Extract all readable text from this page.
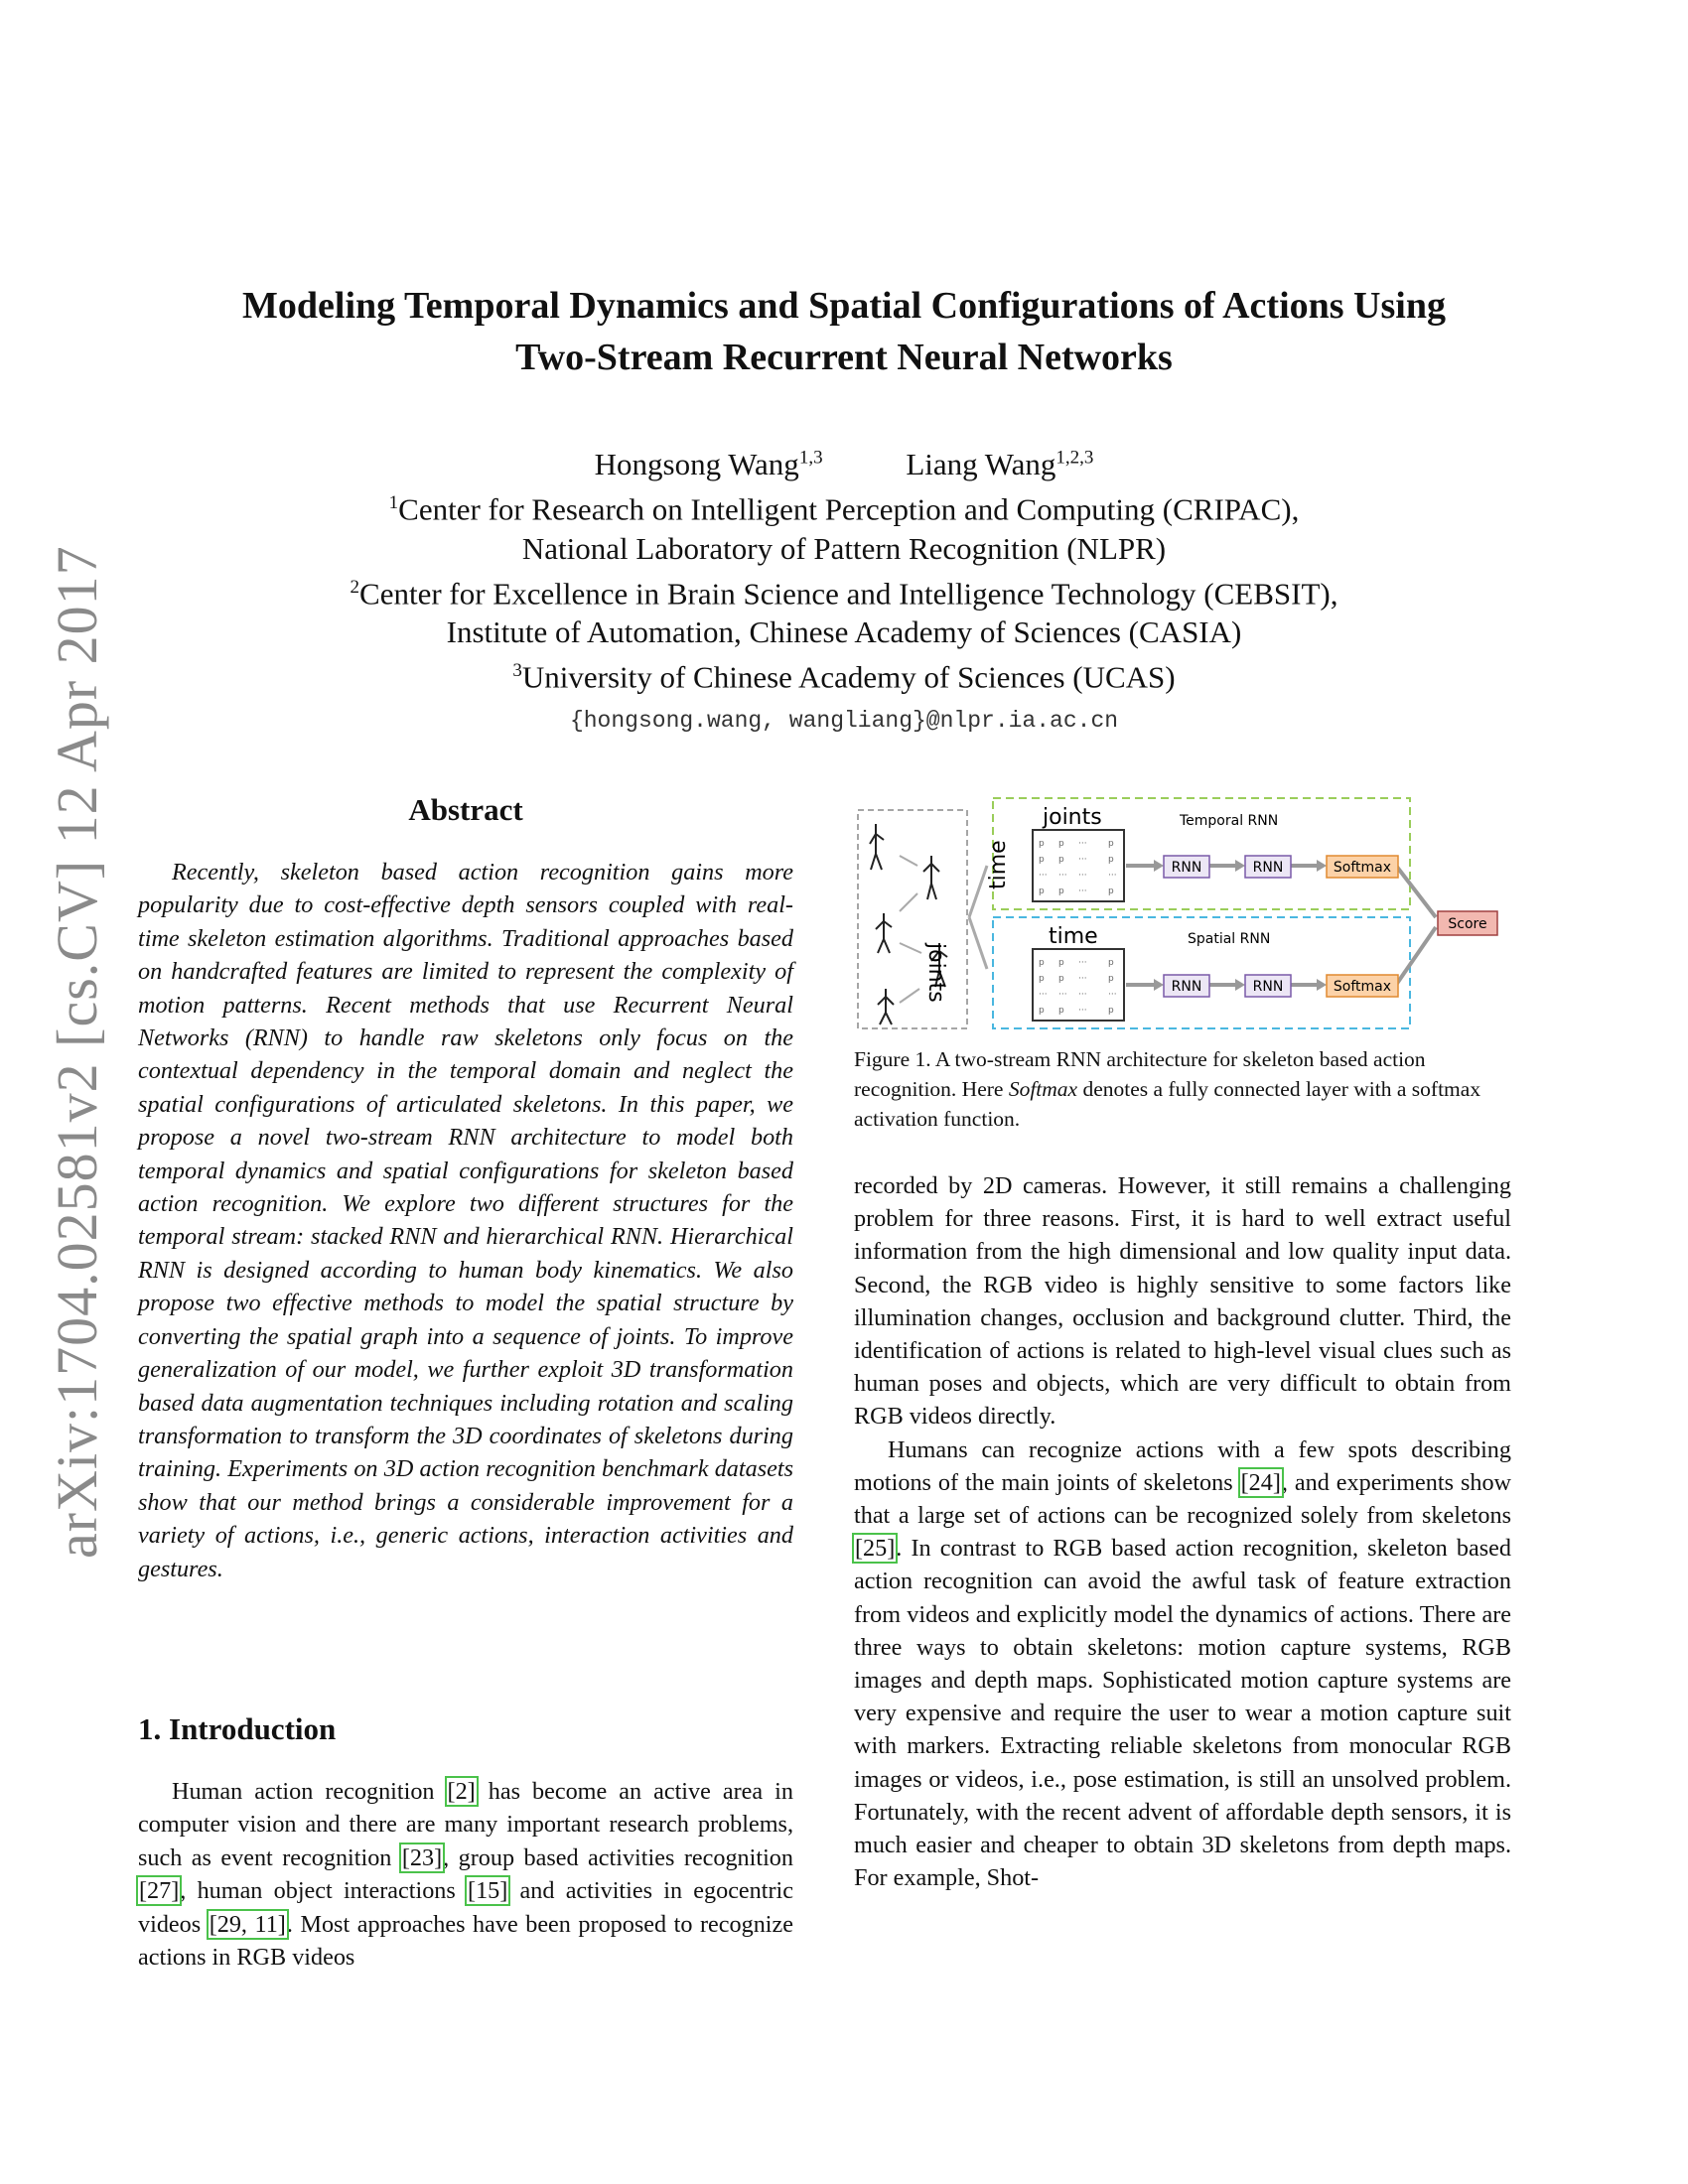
arXiv:1704.02581v2 [cs.CV] 12 Apr 2017
Modeling Temporal Dynamics and Spatial Configurations of Actions Using
Two-Stream Recurrent Neural Networks
Hongsong Wang$^{1,3}$	Liang Wang$^{1,2,3}$
$^1$Center for Research on Intelligent Perception and Computing (CRIPAC),
National Laboratory of Pattern Recognition (NLPR)
$^2$Center for Excellence in Brain Science and Intelligence Technology (CEBSIT),
Institute of Automation, Chinese Academy of Sciences (CASIA)
$^3$University of Chinese Academy of Sciences (UCAS)
{hongsong.wang, wangliang}@nlpr.ia.ac.cn
Abstract
Recently, skeleton based action recognition gains more popularity due to cost-effective depth sensors coupled with real-time skeleton estimation algorithms. Traditional approaches based on handcrafted features are limited to represent the complexity of motion patterns. Recent methods that use Recurrent Neural Networks (RNN) to handle raw skeletons only focus on the contextual dependency in the temporal domain and neglect the spatial configurations of articulated skeletons. In this paper, we propose a novel two-stream RNN architecture to model both temporal dynamics and spatial configurations for skeleton based action recognition. We explore two different structures for the temporal stream: stacked RNN and hierarchical RNN. Hierarchical RNN is designed according to human body kinematics. We also propose two effective methods to model the spatial structure by converting the spatial graph into a sequence of joints. To improve generalization of our model, we further exploit 3D transformation based data augmentation techniques including rotation and scaling transformation to transform the 3D coordinates of skeletons during training. Experiments on 3D action recognition benchmark datasets show that our method brings a considerable improvement for a variety of actions, i.e., generic actions, interaction activities and gestures.
1. Introduction
Human action recognition [2] has become an active area in computer vision and there are many important research problems, such as event recognition [23], group based activities recognition [27], human object interactions [15] and activities in egocentric videos [29, 11]. Most approaches have been proposed to recognize actions in RGB videos
joints
time
Temporal RNN
time
joints
Spatial RNN
p p ··· p
p p ··· p
··· ··· ··· ···
p p ··· p
p p ··· p
p p ··· p
··· ··· ··· ···
p p ··· p
RNN	RNN	Softmax
RNN	RNN	Softmax
Score
Figure 1. A two-stream RNN architecture for skeleton based action recognition. Here Softmax denotes a fully connected layer with a softmax activation function.

recorded by 2D cameras. However, it still remains a challenging problem for three reasons. First, it is hard to well extract useful information from the high dimensional and low quality input data. Second, the RGB video is highly sensitive to some factors like illumination changes, occlusion and background clutter. Third, the identification of actions is related to high-level visual clues such as human poses and objects, which are very difficult to obtain from RGB videos directly.

Humans can recognize actions with a few spots describing motions of the main joints of skeletons [24], and experiments show that a large set of actions can be recognized solely from skeletons [25]. In contrast to RGB based action recognition, skeleton based action recognition can avoid the awful task of feature extraction from videos and explicitly model the dynamics of actions. There are three ways to obtain skeletons: motion capture systems, RGB images and depth maps. Sophisticated motion capture systems are very expensive and require the user to wear a motion capture suit with markers. Extracting reliable skeletons from monocular RGB images or videos, i.e., pose estimation, is still an unsolved problem. Fortunately, with the recent advent of affordable depth sensors, it is much easier and cheaper to obtain 3D skeletons from depth maps. For example, Shot-
